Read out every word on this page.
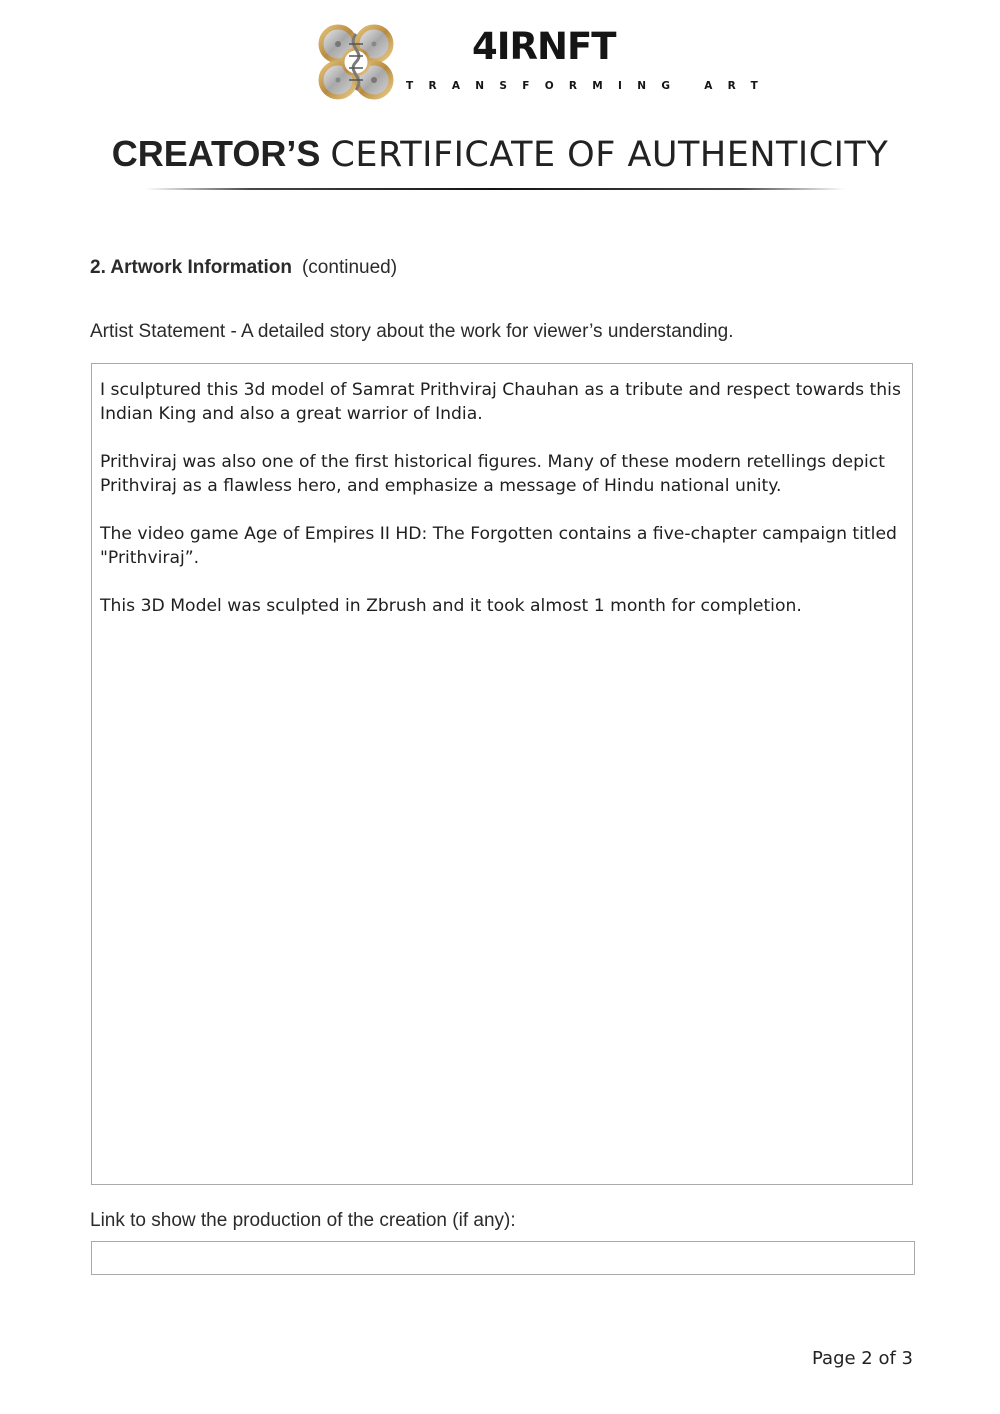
4IRNFT
TRANSFORMING ART
CREATOR’S CERTIFICATE OF AUTHENTICITY
2. Artwork Information (continued)
Artist Statement - A detailed story about the work for viewer’s understanding.

I sculptured this 3d model of Samrat Prithviraj Chauhan as a tribute and respect towards this Indian King and also a great warrior of India.

Prithviraj was also one of the first historical figures. Many of these modern retellings depict Prithviraj as a flawless hero, and emphasize a message of Hindu national unity.

The video game Age of Empires II HD: The Forgotten contains a five-chapter campaign titled "Prithviraj”.

This 3D Model was sculpted in Zbrush and it took almost 1 month for completion.

Link to show the production of the creation (if any):
Page 2 of 3
